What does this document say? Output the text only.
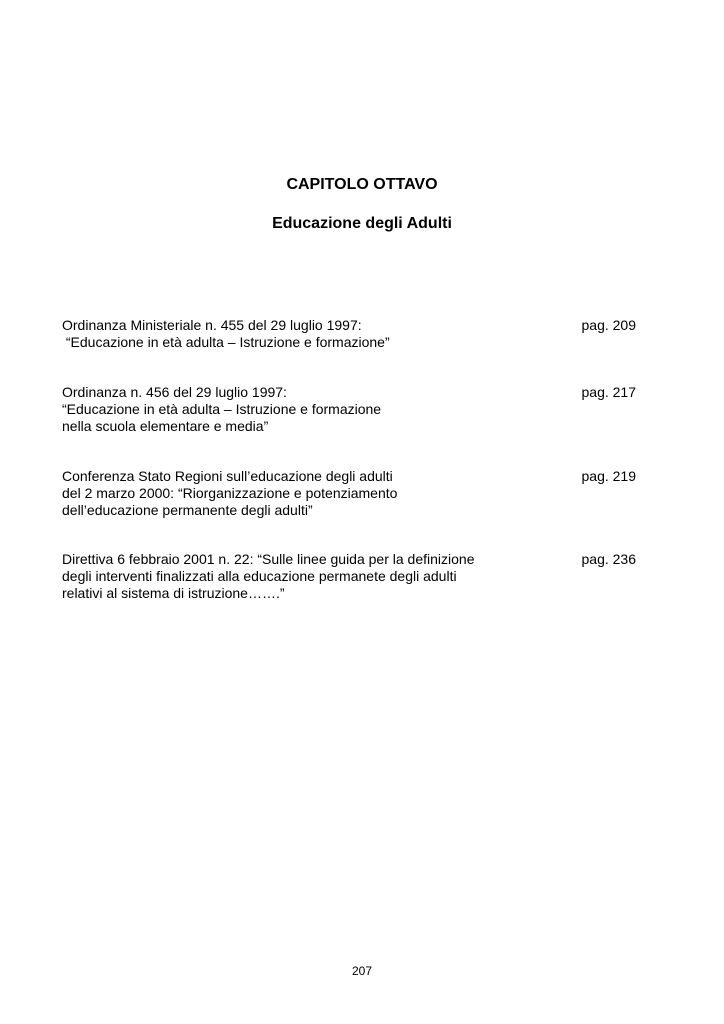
CAPITOLO OTTAVO
Educazione degli Adulti
Ordinanza Ministeriale n. 455 del 29 luglio 1997:
“Educazione in età adulta – Istruzione e formazione”
pag. 209
Ordinanza n. 456 del 29 luglio 1997:
“Educazione in età adulta – Istruzione e formazione
nella scuola elementare e media”
pag. 217
Conferenza Stato Regioni sull’educazione degli adulti
del 2 marzo 2000: “Riorganizzazione e potenziamento
dell’educazione permanente degli adulti”
pag. 219
Direttiva 6 febbraio 2001 n. 22: “Sulle linee guida per la definizione
degli interventi finalizzati alla educazione permanete degli adulti
relativi al sistema di istruzione…….”
pag. 236
207
